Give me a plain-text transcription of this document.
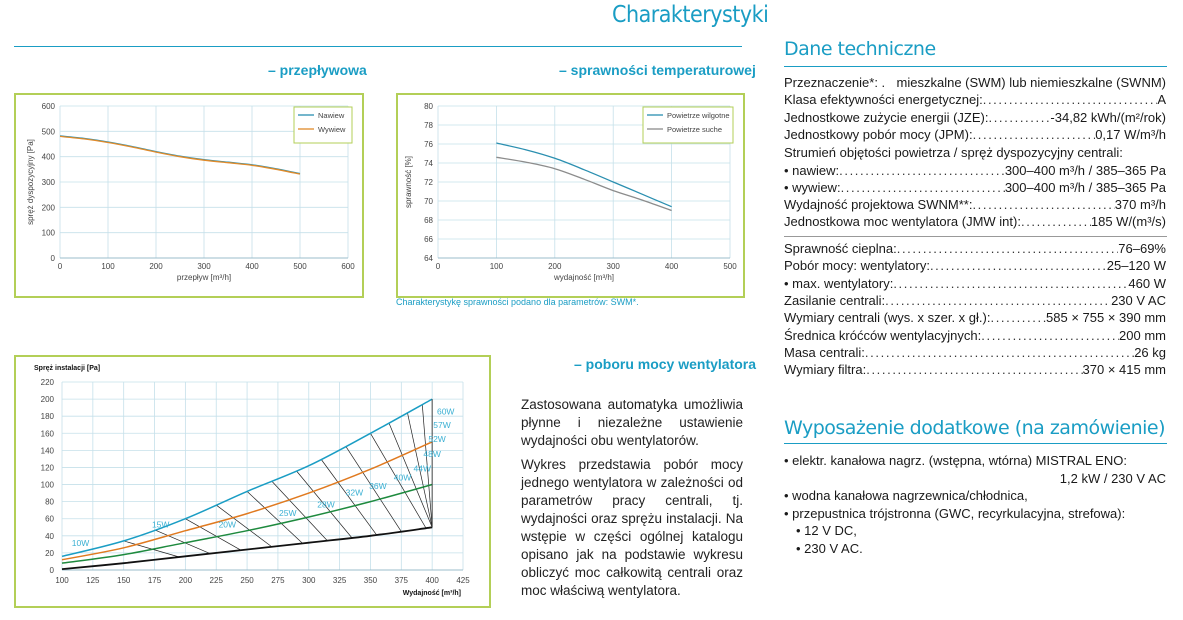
Charakterystyki
– przepływowa	– sprawności temperaturowej
– poboru mocy wentylatora
0	100	200	300	400	500	600
0
100
200
300
400
500
600
przepływ [m³/h]
spręż dyspozycyjny [Pa]
Nawiew
Wywiew
0	100	200	300	400	500
64
66
68
70
72
74
76
78
80
wydajność [m³/h]
sprawność [%]
Powietrze wilgotne
Powietrze suche
Charakterystykę sprawności podano dla parametrów: SWM*.
100 125 150 175 200 225 250 275 300 325 350 375 400 425
0
20
40
60
80
100
120
140
160
180
200
220
Spręż instalacji [Pa]
Wydajność [m³/h]
10W
15W	20W
25W
28W
32W
36W
40W
44W
48W
52W
57W
60W	Zastosowana automatyka umożliwia płynne i niezależne ustawienie wydajności obu wentylatorów.

Wykres przedstawia pobór mocy jednego wentylatora w zależności od parametrów pracy centrali, tj. wydajności oraz sprężu instalacji. Na wstępie w części ogólnej katalogu opisano jak na podstawie wykresu obliczyć moc całkowitą centrali oraz moc właściwą wentylatora.

Dane techniczne
Przeznaczenie*: . mieszkalne (SWM) lub niemieszkalne (SWNM)
Klasa efektywności energetycznej: . . .	A
Jednostkowe zużycie energii (JZE): . . .	-34,82 kWh/(m²/rok)
Jednostkowy pobór mocy (JPM): . . .	0,17 W/m³/h
Strumień objętości powietrza / spręż dyspozycyjny centrali:
• nawiew: . . .	300–400 m³/h / 385–365 Pa
• wywiew: . . .	300–400 m³/h / 385–365 Pa
Wydajność projektowa SWNM**: . . .	370 m³/h
Jednostkowa moc wentylatora (JMW int): . . .	185 W/(m³/s)
Sprawność cieplna: . . .	76–69%
Pobór mocy: wentylatory: . . .	25–120 W
• max. wentylatory: . . .	460 W
Zasilanie centrali: . . .	230 V AC
Wymiary centrali (wys. x szer. x gł.): . . .	585 × 755 × 390 mm
Średnica króćców wentylacyjnych: . . .	200 mm
Masa centrali: . . .	26 kg
Wymiary filtra: . . .	370 × 415 mm
Wyposażenie dodatkowe (na zamówienie)
• elektr. kanałowa nagrz. (wstępna, wtórna) MISTRAL ENO:
1,2 kW / 230 V AC
• wodna kanałowa nagrzewnica/chłodnica,
• przepustnica trójstronna (GWC, recyrkulacyjna, strefowa):
• 12 V DC,
• 230 V AC.
